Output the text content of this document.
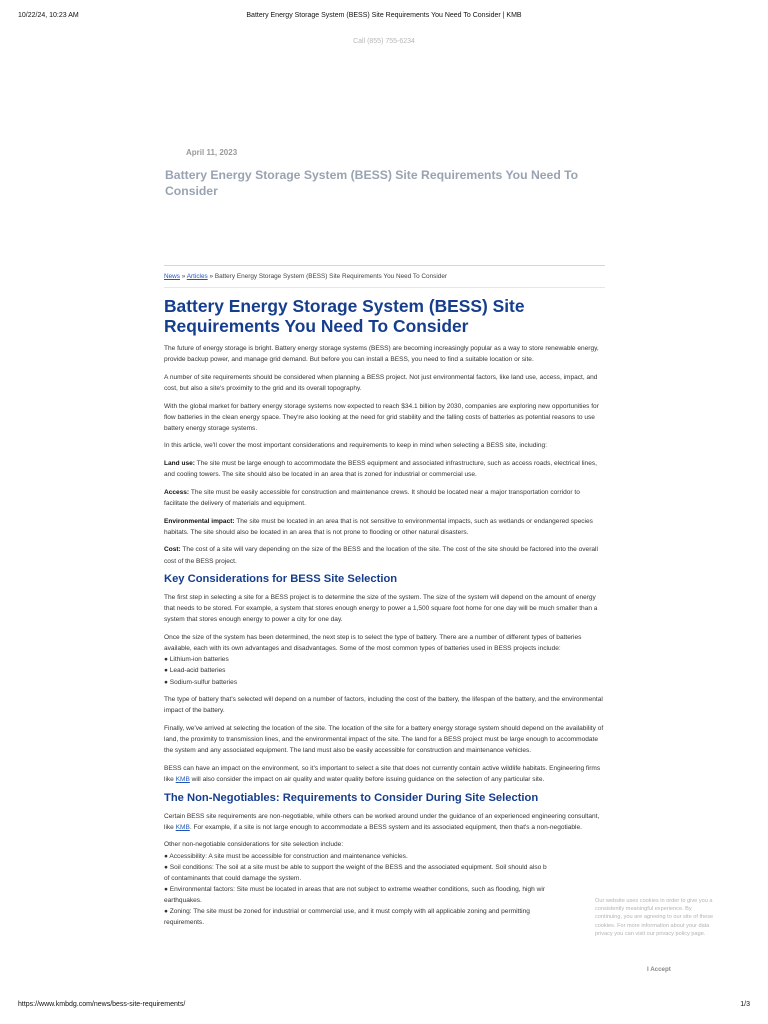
10/22/24, 10:23 AM	Battery Energy Storage System (BESS) Site Requirements You Need To Consider | KMB
Call (855) 755-6234
April 11, 2023
Battery Energy Storage System (BESS) Site Requirements You Need To Consider
News » Articles » Battery Energy Storage System (BESS) Site Requirements You Need To Consider
Battery Energy Storage System (BESS) Site Requirements You Need To Consider

The future of energy storage is bright. Battery energy storage systems (BESS) are becoming increasingly popular as a way to store renewable energy, provide backup power, and manage grid demand. But before you can install a BESS, you need to find a suitable location or site.

A number of site requirements should be considered when planning a BESS project. Not just environmental factors, like land use, access, impact, and cost, but also a site's proximity to the grid and its overall topography.

With the global market for battery energy storage systems now expected to reach $34.1 billion by 2030, companies are exploring new opportunities for flow batteries in the clean energy space. They're also looking at the need for grid stability and the falling costs of batteries as potential reasons to use battery energy storage systems.

In this article, we'll cover the most important considerations and requirements to keep in mind when selecting a BESS site, including:

Land use: The site must be large enough to accommodate the BESS equipment and associated infrastructure, such as access roads, electrical lines, and cooling towers. The site should also be located in an area that is zoned for industrial or commercial use.

Access: The site must be easily accessible for construction and maintenance crews. It should be located near a major transportation corridor to facilitate the delivery of materials and equipment.

Environmental impact: The site must be located in an area that is not sensitive to environmental impacts, such as wetlands or endangered species habitats. The site should also be located in an area that is not prone to flooding or other natural disasters.

Cost: The cost of a site will vary depending on the size of the BESS and the location of the site. The cost of the site should be factored into the overall cost of the BESS project.

Key Considerations for BESS Site Selection

The first step in selecting a site for a BESS project is to determine the size of the system. The size of the system will depend on the amount of energy that needs to be stored. For example, a system that stores enough energy to power a 1,500 square foot home for one day will be much smaller than a system that stores enough energy to power a city for one day.

Once the size of the system has been determined, the next step is to select the type of battery. There are a number of different types of batteries available, each with its own advantages and disadvantages. Some of the most common types of batteries used in BESS projects include:
● Lithium-ion batteries
● Lead-acid batteries
● Sodium-sulfur batteries

The type of battery that's selected will depend on a number of factors, including the cost of the battery, the lifespan of the battery, and the environmental impact of the battery.

Finally, we've arrived at selecting the location of the site. The location of the site for a battery energy storage system should depend on the availability of land, the proximity to transmission lines, and the environmental impact of the site. The land for a BESS project must be large enough to accommodate the system and any associated equipment. The land must also be easily accessible for construction and maintenance vehicles.

BESS can have an impact on the environment, so it's important to select a site that does not currently contain active wildlife habitats. Engineering firms like KMB will also consider the impact on air quality and water quality before issuing guidance on the selection of any particular site.

The Non-Negotiables: Requirements to Consider During Site Selection

Certain BESS site requirements are non-negotiable, while others can be worked around under the guidance of an experienced engineering consultant, like KMB. For example, if a site is not large enough to accommodate a BESS system and its associated equipment, then that's a non-negotiable.

Other non-negotiable considerations for site selection include:
● Accessibility: A site must be accessible for construction and maintenance vehicles.
● Soil conditions: The soil at a site must be able to support the weight of the BESS and the associated equipment. Soil should also b
of contaminants that could damage the system.
● Environmental factors: Site must be located in areas that are not subject to extreme weather conditions, such as flooding, high wir
earthquakes.
● Zoning: The site must be zoned for industrial or commercial use, and it must comply with all applicable zoning and permitting
requirements.

Our website uses cookies in order to give you a consistently meaningful experience. By continuing, you are agreeing to our site of these cookies. For more information about your data privacy you can visit our privacy policy page.
I Accept
https://www.kmbdg.com/news/bess-site-requirements/	1/3
